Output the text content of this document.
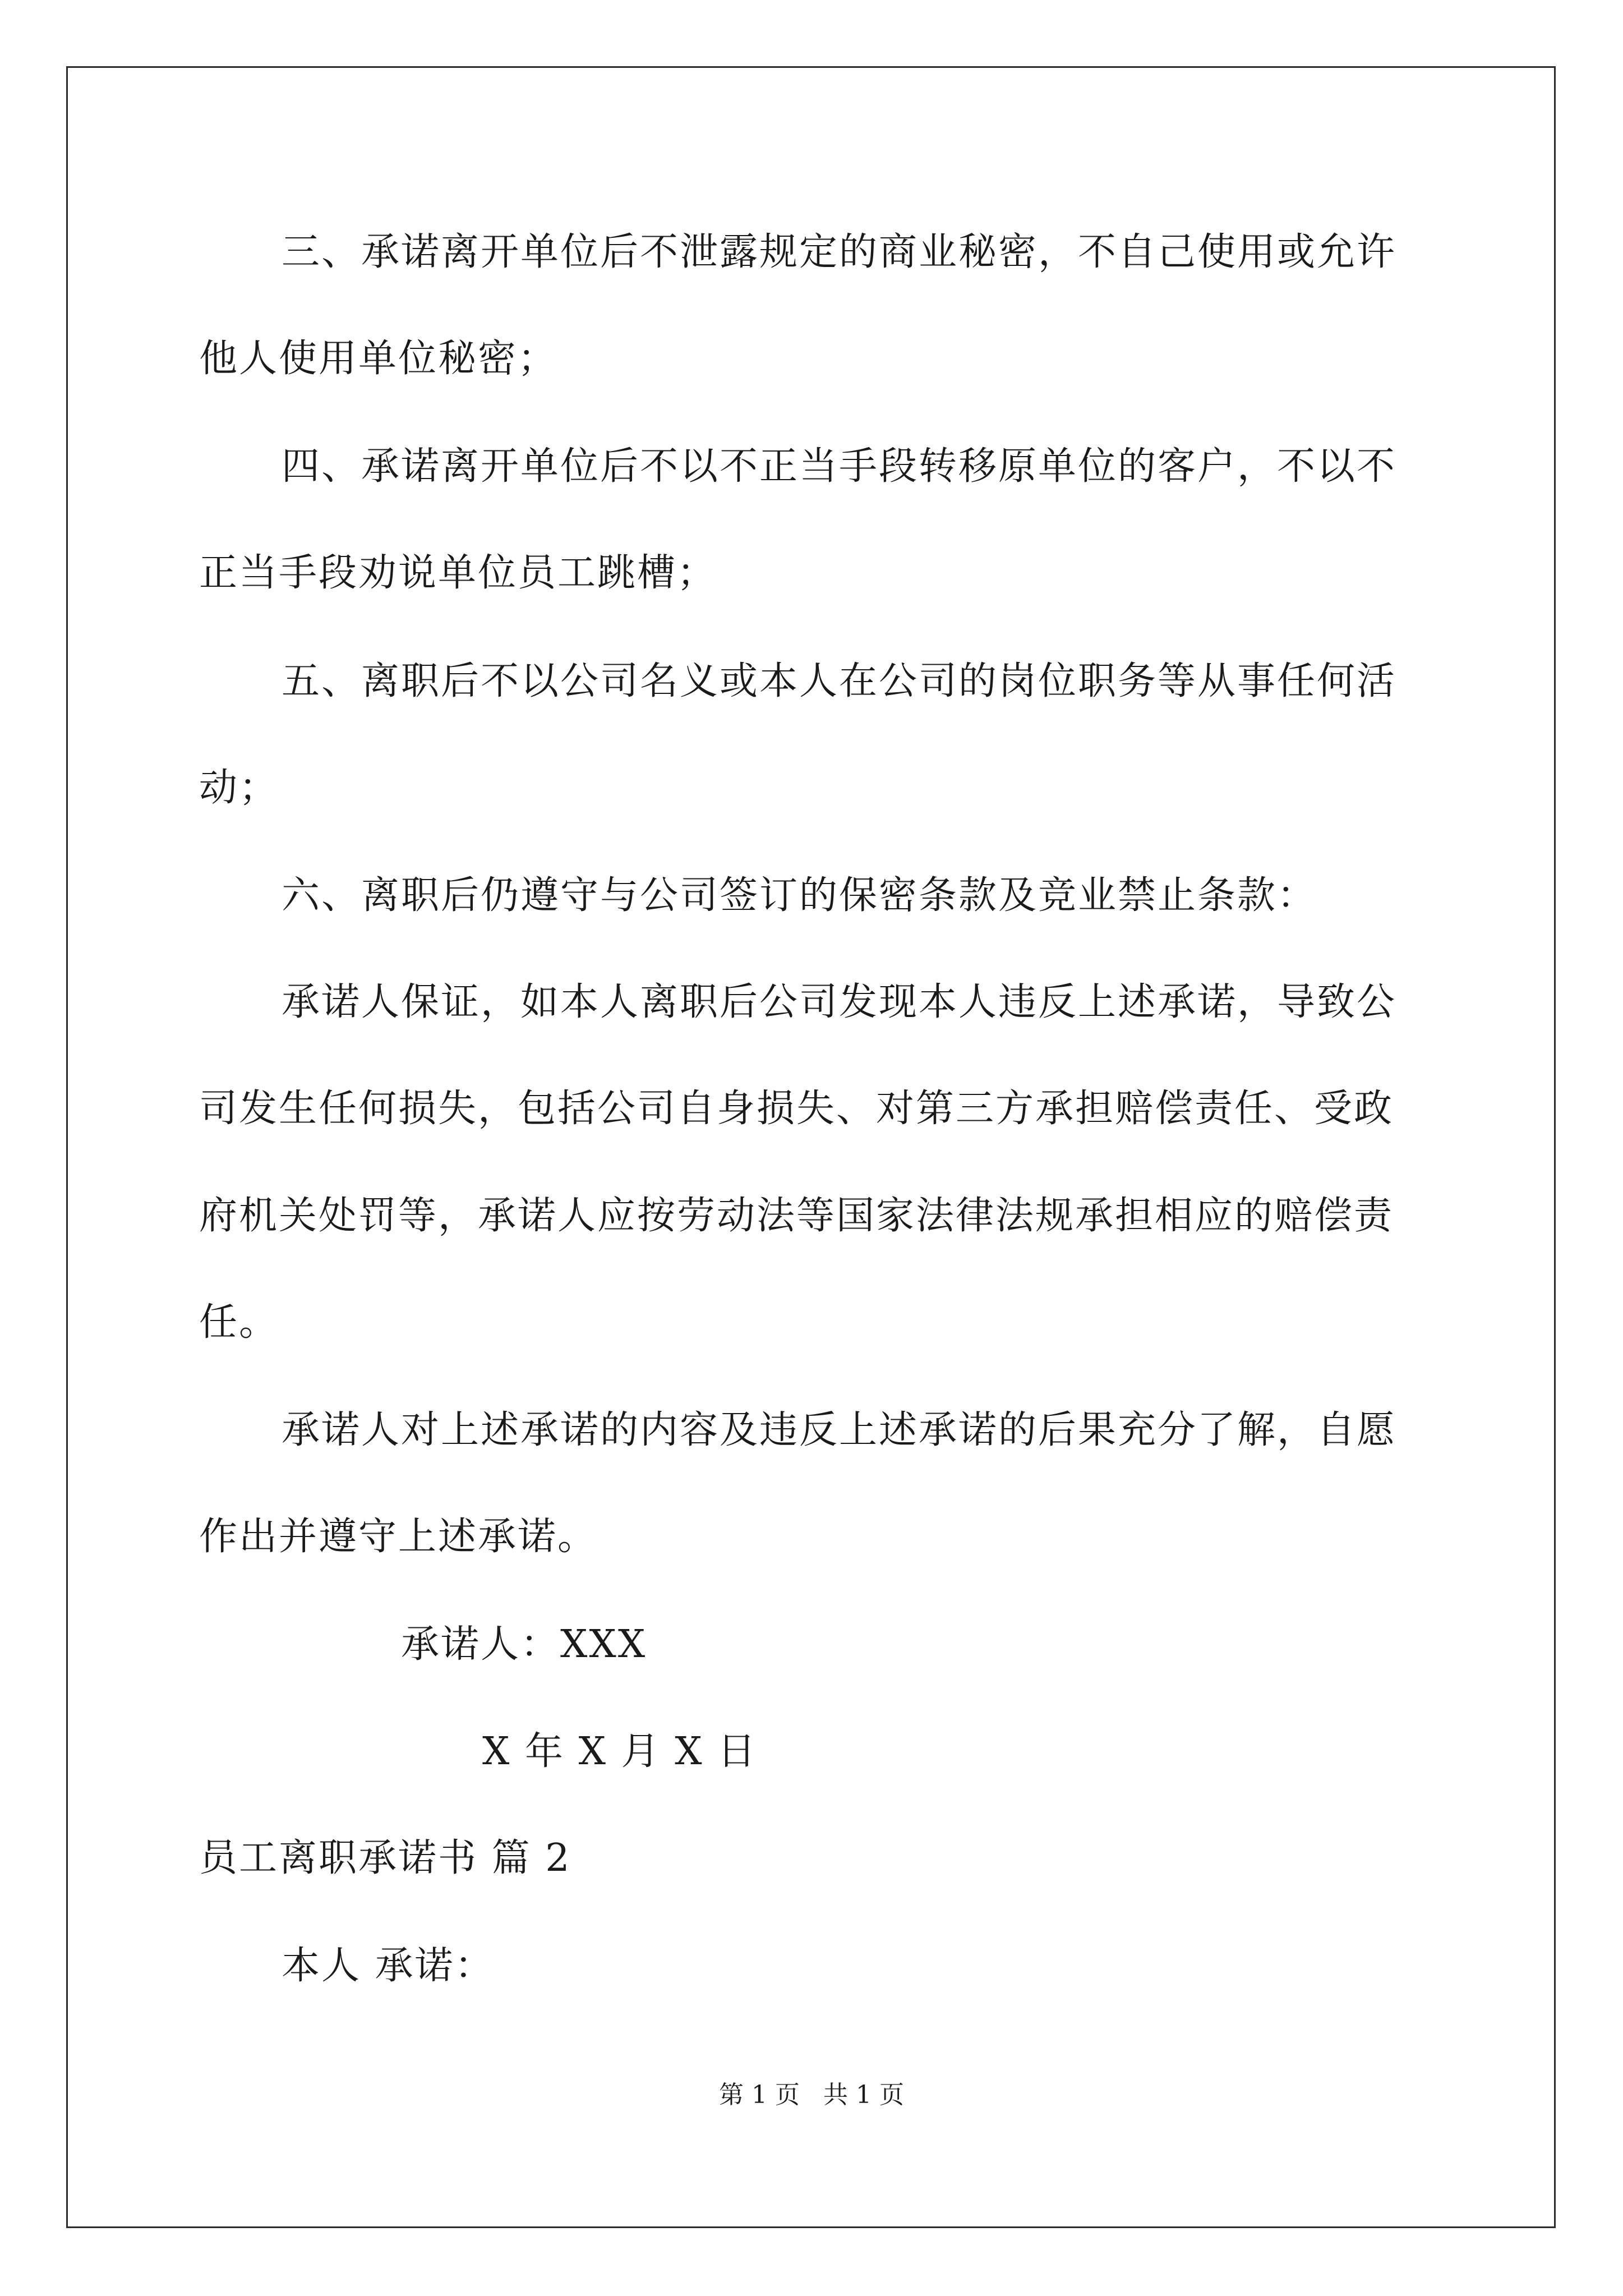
三、承诺离开单位后不泄露规定的商业秘密，不自己使用或允许
他人使用单位秘密；
四、承诺离开单位后不以不正当手段转移原单位的客户，不以不
正当手段劝说单位员工跳槽；
五、离职后不以公司名义或本人在公司的岗位职务等从事任何活
动；
六、离职后仍遵守与公司签订的保密条款及竞业禁止条款：
承诺人保证，如本人离职后公司发现本人违反上述承诺，导致公
司发生任何损失，包括公司自身损失、对第三方承担赔偿责任、受政
府机关处罚等，承诺人应按劳动法等国家法律法规承担相应的赔偿责
任。
承诺人对上述承诺的内容及违反上述承诺的后果充分了解，自愿
作出并遵守上述承诺。
承诺人：XXX
X 年 X 月 X 日
员工离职承诺书 篇 2
本人 承诺：
第 1 页   共 1 页
